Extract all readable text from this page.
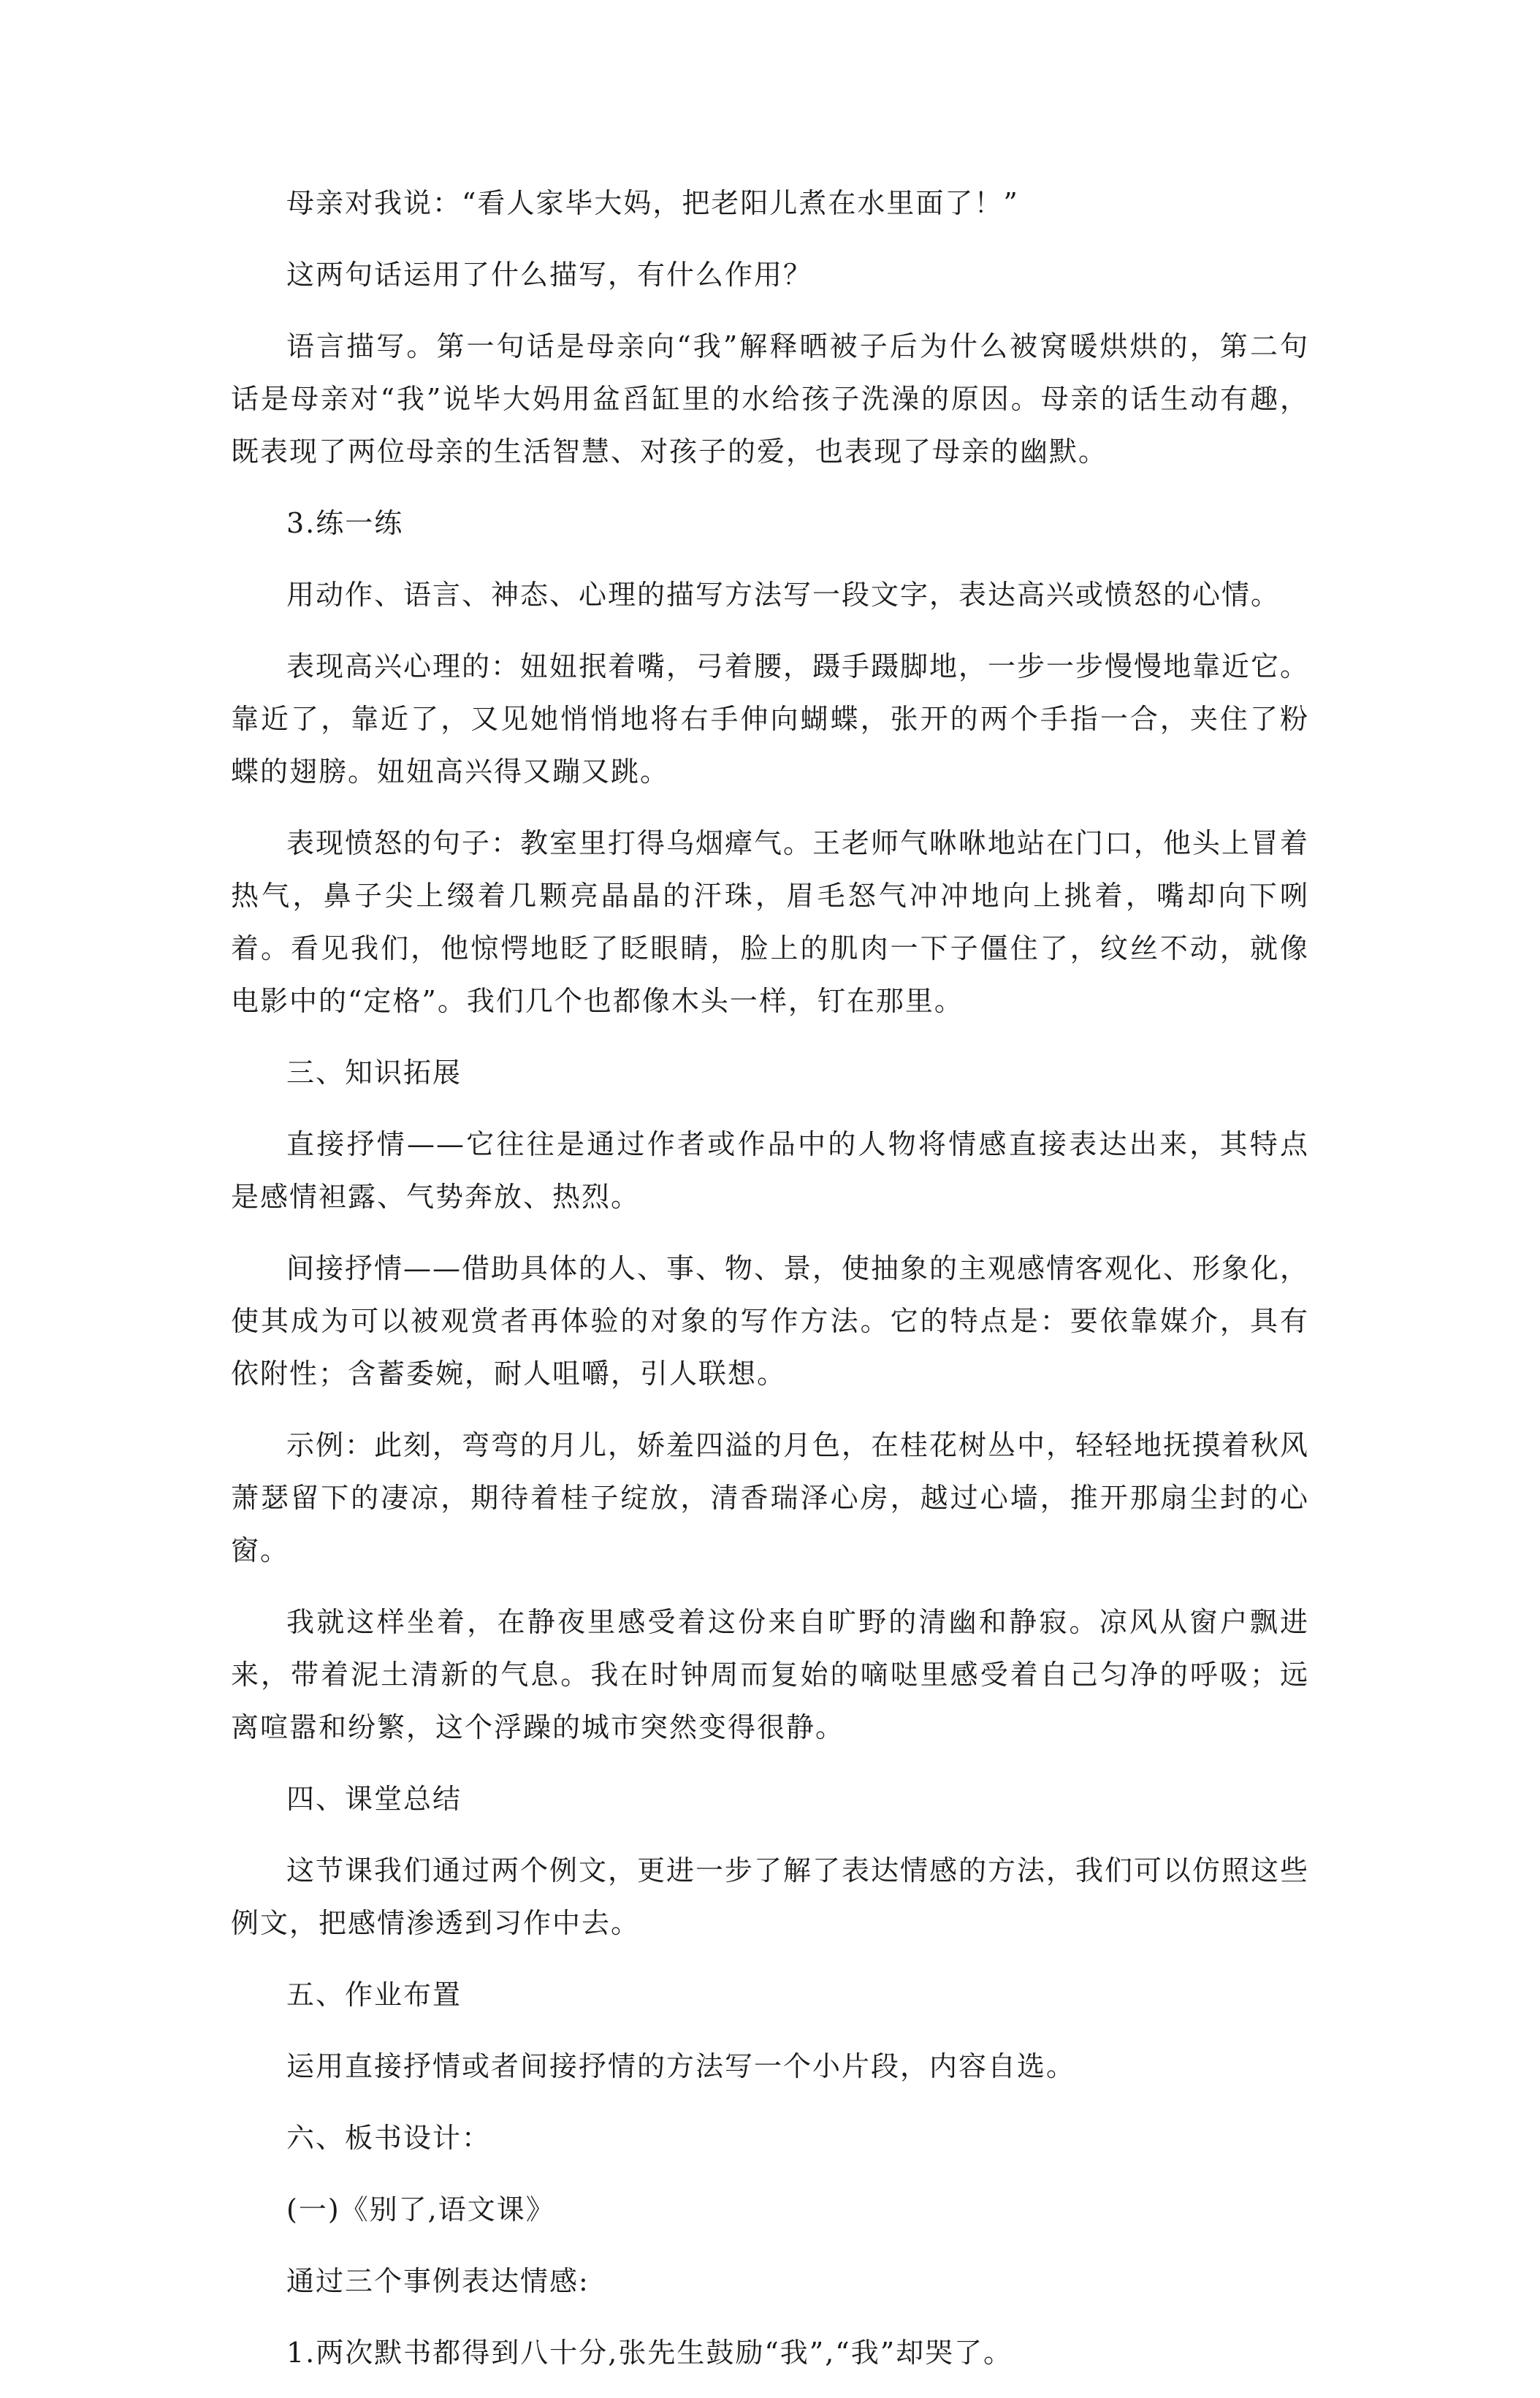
母亲对我说：“看人家毕大妈，把老阳儿煮在水里面了！”

这两句话运用了什么描写，有什么作用？

语言描写。第一句话是母亲向“我”解释晒被子后为什么被窝暖烘烘的，第二句话是母亲对“我”说毕大妈用盆舀缸里的水给孩子洗澡的原因。母亲的话生动有趣，既表现了两位母亲的生活智慧、对孩子的爱，也表现了母亲的幽默。

3.练一练

用动作、语言、神态、心理的描写方法写一段文字，表达高兴或愤怒的心情。

表现高兴心理的：妞妞抿着嘴，弓着腰，蹑手蹑脚地，一步一步慢慢地靠近它。靠近了，靠近了，又见她悄悄地将右手伸向蝴蝶，张开的两个手指一合，夹住了粉蝶的翅膀。妞妞高兴得又蹦又跳。

表现愤怒的句子：教室里打得乌烟瘴气。王老师气咻咻地站在门口，他头上冒着热气，鼻子尖上缀着几颗亮晶晶的汗珠，眉毛怒气冲冲地向上挑着，嘴却向下咧着。看见我们，他惊愕地眨了眨眼睛，脸上的肌肉一下子僵住了，纹丝不动，就像电影中的“定格”。我们几个也都像木头一样，钉在那里。

三、知识拓展

直接抒情——它往往是通过作者或作品中的人物将情感直接表达出来，其特点 是感情袒露、气势奔放、热烈。

间接抒情——借助具体的人、事、物、景，使抽象的主观感情客观化、形象化，使其成为可以被观赏者再体验的对象的写作方法。它的特点是：要依靠媒介，具有依附性；含蓄委婉，耐人咀嚼，引人联想。

示例：此刻，弯弯的月儿，娇羞四溢的月色，在桂花树丛中，轻轻地抚摸着秋风萧瑟留下的凄凉，期待着桂子绽放，清香瑞泽心房，越过心墙，推开那扇尘封的心窗。

我就这样坐着，在静夜里感受着这份来自旷野的清幽和静寂。凉风从窗户飘进来，带着泥土清新的气息。我在时钟周而复始的嘀哒里感受着自己匀净的呼吸；远离喧嚣和纷繁，这个浮躁的城市突然变得很静。

四、课堂总结

这节课我们通过两个例文，更进一步了解了表达情感的方法，我们可以仿照这些例文，把感情渗透到习作中去。

五、作业布置

运用直接抒情或者间接抒情的方法写一个小片段，内容自选。

六、板书设计：

(一)《别了,语文课》

通过三个事例表达情感:

1.两次默书都得到八十分,张先生鼓励“我”,“我”却哭了。
